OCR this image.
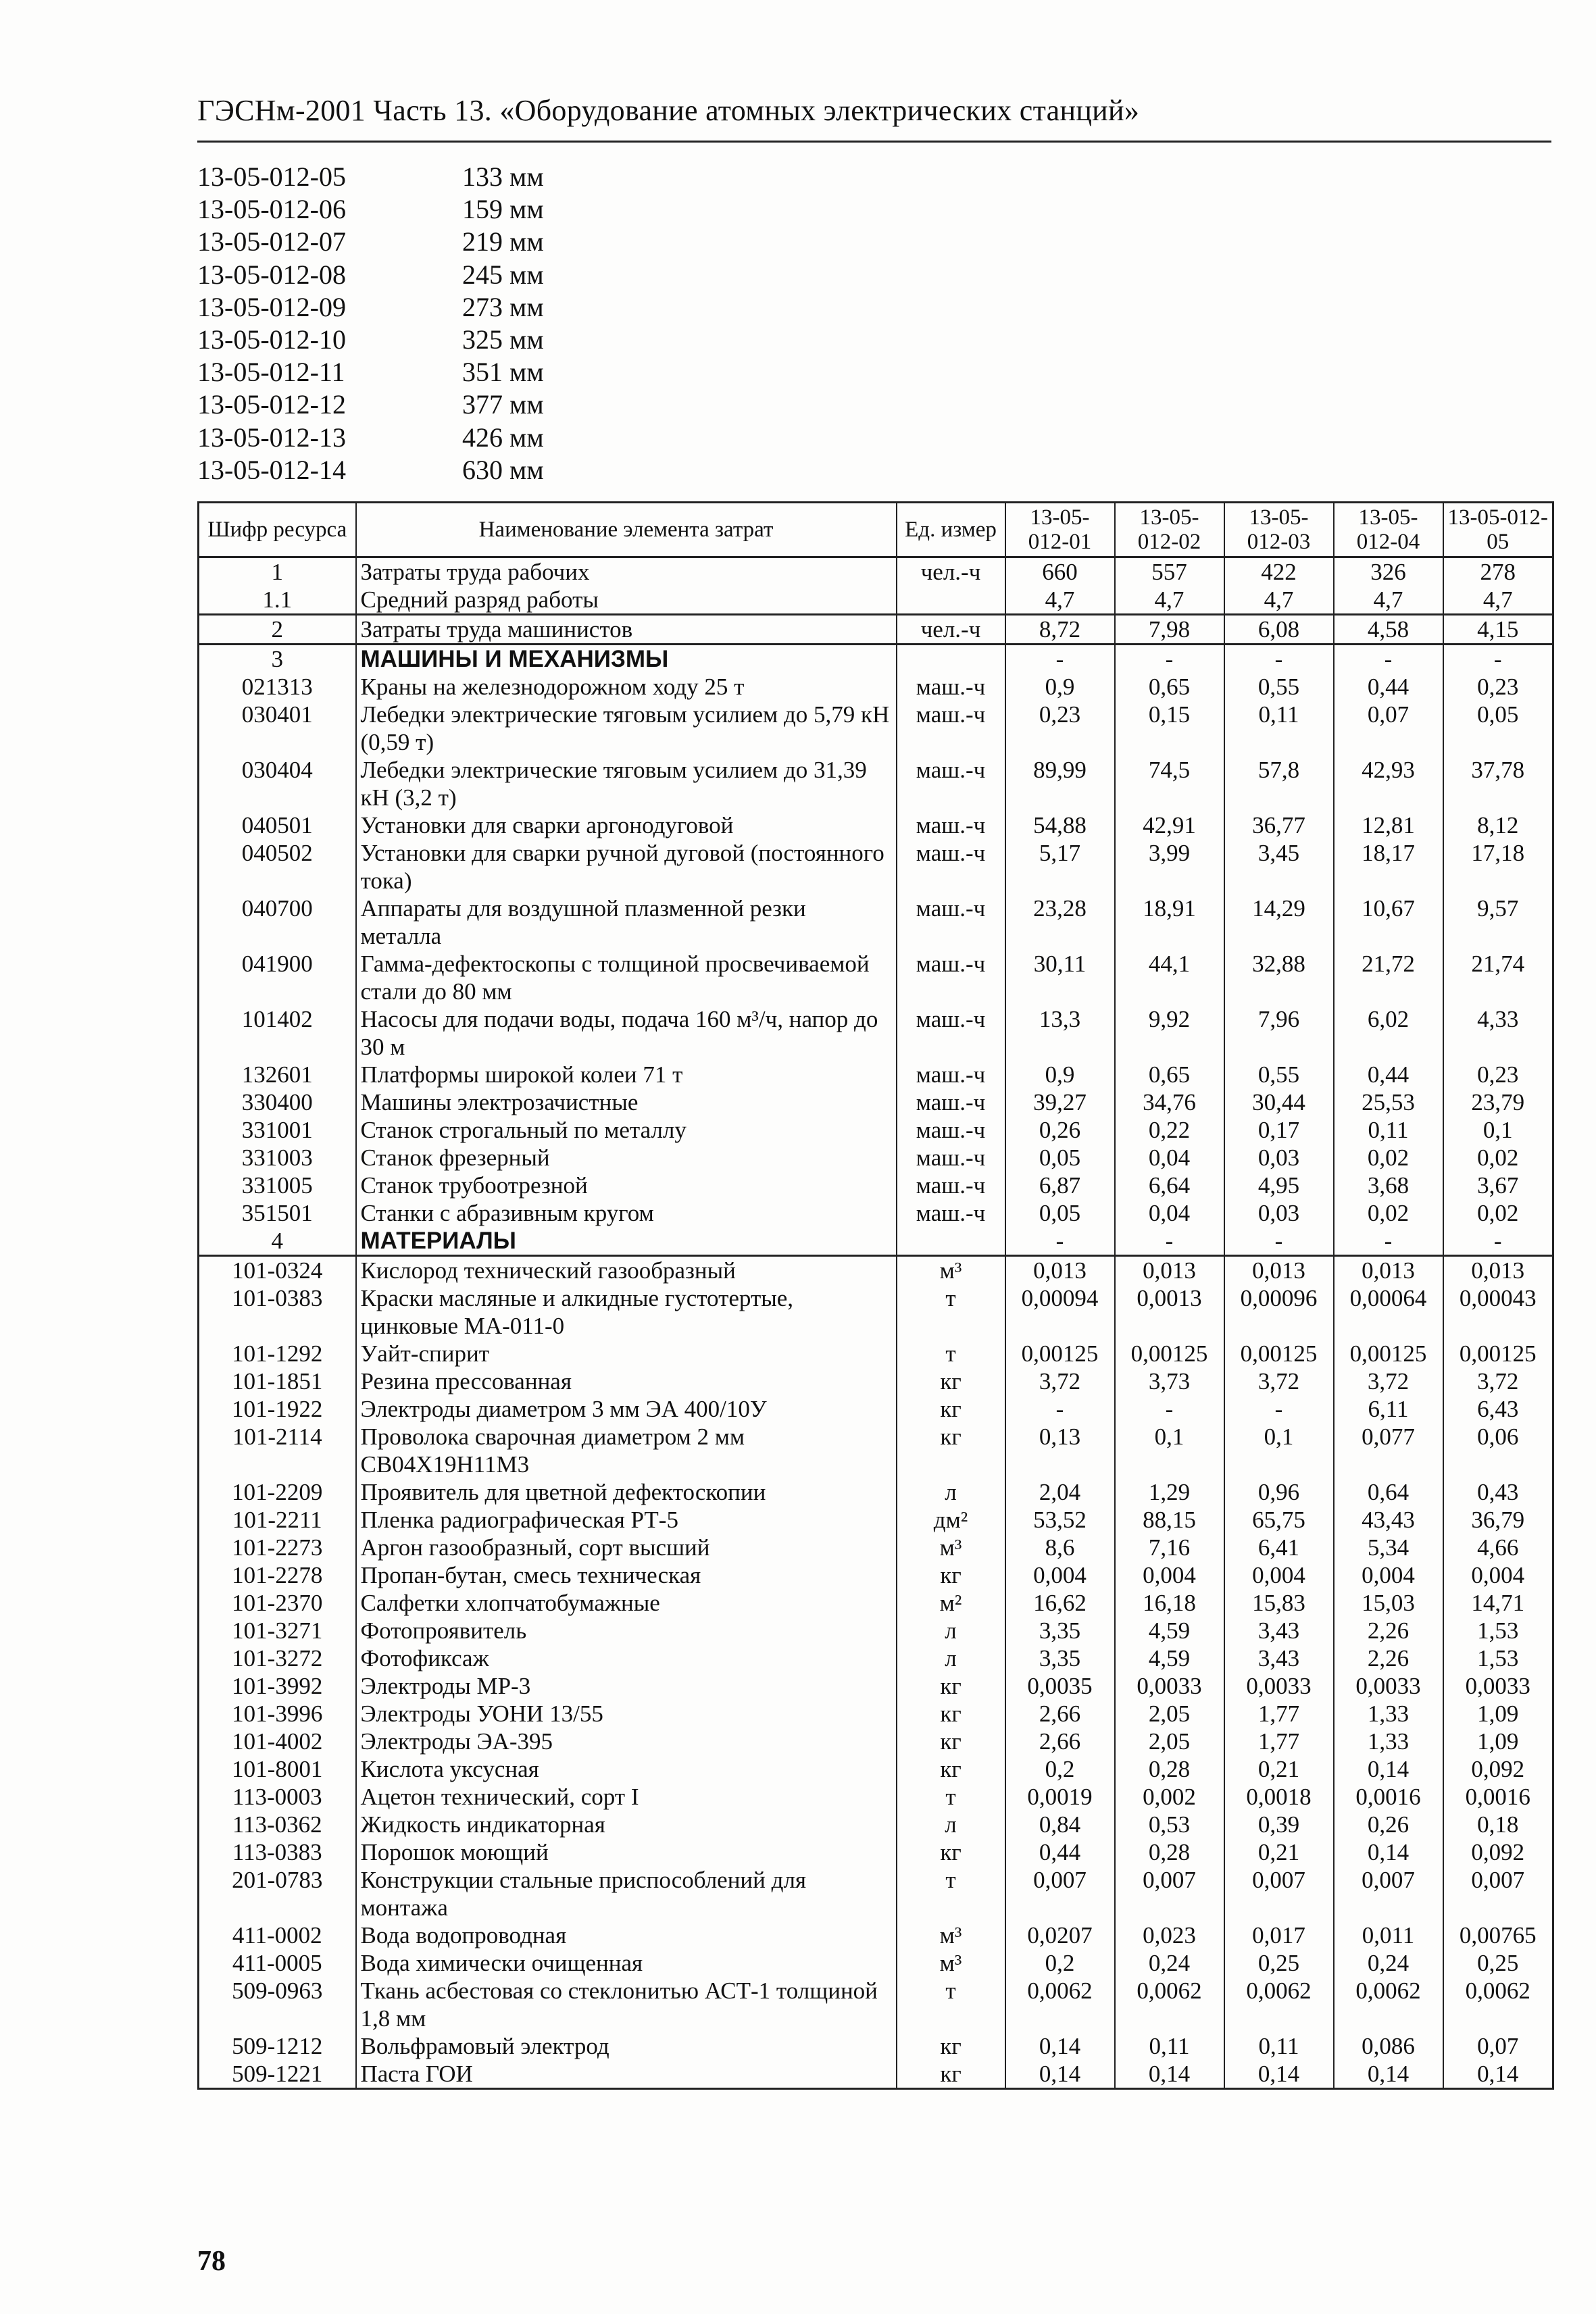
ГЭСНм-2001 Часть 13. «Оборудование атомных электрических станций»
13-05-012-05	133 мм
13-05-012-06	159 мм
13-05-012-07	219 мм
13-05-012-08	245 мм
13-05-012-09	273 мм
13-05-012-10	325 мм
13-05-012-11	351 мм
13-05-012-12	377 мм
13-05-012-13	426 мм
13-05-012-14	630 мм
Шифр ресурса	Наименование элемента затрат	Ед. измер	13-05-012-01	13-05-012-02	13-05-012-03	13-05-012-04	13-05-012-05
1	Затраты труда рабочих	чел.-ч	660	557	422	326	278
1.1	Средний разряд работы		4,7	4,7	4,7	4,7	4,7
2	Затраты труда машинистов	чел.-ч	8,72	7,98	6,08	4,58	4,15
3	МАШИНЫ И МЕХАНИЗМЫ		-	-	-	-	-
021313	Краны на железнодорожном ходу 25 т	маш.-ч	0,9	0,65	0,55	0,44	0,23
030401	Лебедки электрические тяговым усилием до 5,79 кН (0,59 т)	маш.-ч	0,23	0,15	0,11	0,07	0,05
030404	Лебедки электрические тяговым усилием до 31,39 кН (3,2 т)	маш.-ч	89,99	74,5	57,8	42,93	37,78
040501	Установки для сварки аргонодуговой	маш.-ч	54,88	42,91	36,77	12,81	8,12
040502	Установки для сварки ручной дуговой (постоянного тока)	маш.-ч	5,17	3,99	3,45	18,17	17,18
040700	Аппараты для воздушной плазменной резки металла	маш.-ч	23,28	18,91	14,29	10,67	9,57
041900	Гамма-дефектоскопы с толщиной просвечиваемой стали до 80 мм	маш.-ч	30,11	44,1	32,88	21,72	21,74
101402	Насосы для подачи воды, подача 160 м³/ч, напор до 30 м	маш.-ч	13,3	9,92	7,96	6,02	4,33
132601	Платформы широкой колеи 71 т	маш.-ч	0,9	0,65	0,55	0,44	0,23
330400	Машины электрозачистные	маш.-ч	39,27	34,76	30,44	25,53	23,79
331001	Станок строгальный по металлу	маш.-ч	0,26	0,22	0,17	0,11	0,1
331003	Станок фрезерный	маш.-ч	0,05	0,04	0,03	0,02	0,02
331005	Станок трубоотрезной	маш.-ч	6,87	6,64	4,95	3,68	3,67
351501	Станки с абразивным кругом	маш.-ч	0,05	0,04	0,03	0,02	0,02
4	МАТЕРИАЛЫ		-	-	-	-	-
101-0324	Кислород технический газообразный	м³	0,013	0,013	0,013	0,013	0,013
101-0383	Краски масляные и алкидные густотертые, цинковые МА-011-0	т	0,00094	0,0013	0,00096	0,00064	0,00043
101-1292	Уайт-спирит	т	0,00125	0,00125	0,00125	0,00125	0,00125
101-1851	Резина прессованная	кг	3,72	3,73	3,72	3,72	3,72
101-1922	Электроды диаметром 3 мм ЭА 400/10У	кг	-	-	-	6,11	6,43
101-2114	Проволока сварочная диаметром 2 мм СВ04Х19Н11М3	кг	0,13	0,1	0,1	0,077	0,06
101-2209	Проявитель для цветной дефектоскопии	л	2,04	1,29	0,96	0,64	0,43
101-2211	Пленка радиографическая РТ-5	дм²	53,52	88,15	65,75	43,43	36,79
101-2273	Аргон газообразный, сорт высший	м³	8,6	7,16	6,41	5,34	4,66
101-2278	Пропан-бутан, смесь техническая	кг	0,004	0,004	0,004	0,004	0,004
101-2370	Салфетки хлопчатобумажные	м²	16,62	16,18	15,83	15,03	14,71
101-3271	Фотопроявитель	л	3,35	4,59	3,43	2,26	1,53
101-3272	Фотофиксаж	л	3,35	4,59	3,43	2,26	1,53
101-3992	Электроды МР-3	кг	0,0035	0,0033	0,0033	0,0033	0,0033
101-3996	Электроды УОНИ 13/55	кг	2,66	2,05	1,77	1,33	1,09
101-4002	Электроды ЭА-395	кг	2,66	2,05	1,77	1,33	1,09
101-8001	Кислота уксусная	кг	0,2	0,28	0,21	0,14	0,092
113-0003	Ацетон технический, сорт I	т	0,0019	0,002	0,0018	0,0016	0,0016
113-0362	Жидкость индикаторная	л	0,84	0,53	0,39	0,26	0,18
113-0383	Порошок моющий	кг	0,44	0,28	0,21	0,14	0,092
201-0783	Конструкции стальные приспособлений для монтажа	т	0,007	0,007	0,007	0,007	0,007
411-0002	Вода водопроводная	м³	0,0207	0,023	0,017	0,011	0,00765
411-0005	Вода химически очищенная	м³	0,2	0,24	0,25	0,24	0,25
509-0963	Ткань асбестовая со стеклонитью АСТ-1 толщиной 1,8 мм	т	0,0062	0,0062	0,0062	0,0062	0,0062
509-1212	Вольфрамовый электрод	кг	0,14	0,11	0,11	0,086	0,07
509-1221	Паста ГОИ	кг	0,14	0,14	0,14	0,14	0,14
78
